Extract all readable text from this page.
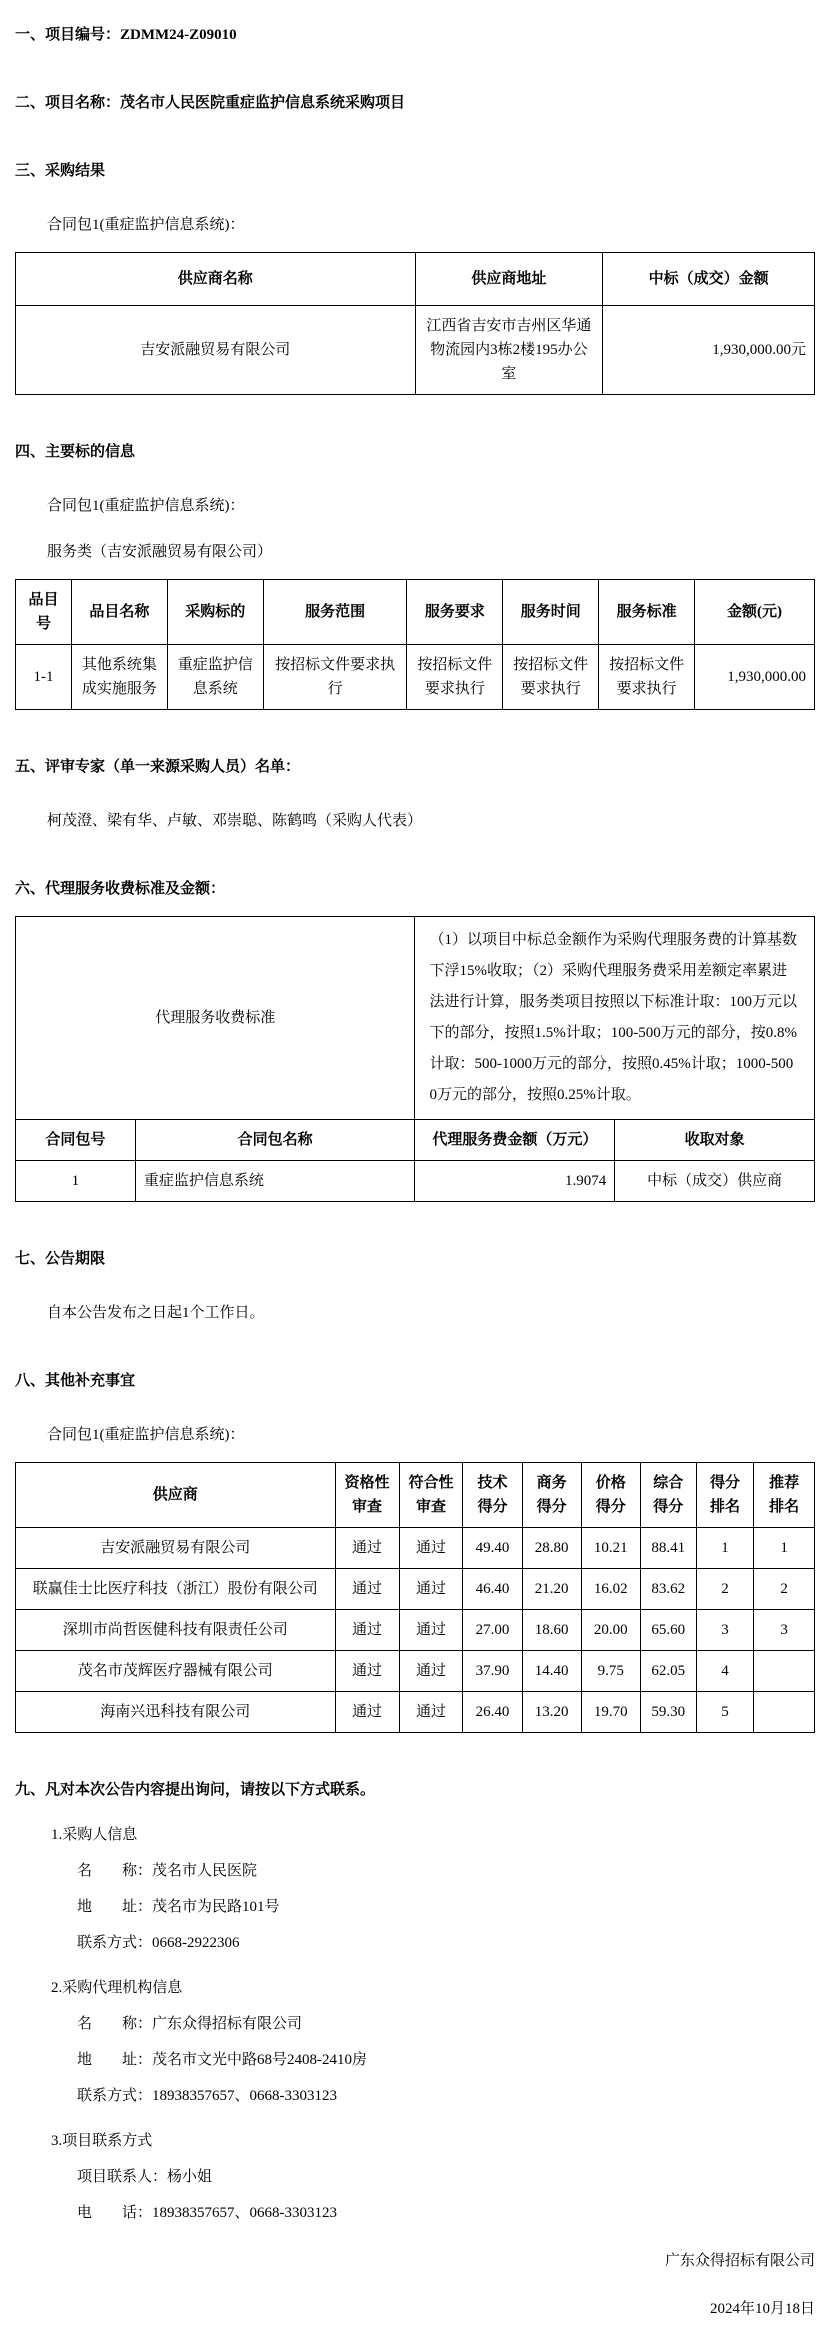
一、项目编号：ZDMM24-Z09010
二、项目名称：茂名市人民医院重症监护信息系统采购项目
三、采购结果
合同包1(重症监护信息系统)：
供应商名称	供应商地址	中标（成交）金额
吉安派融贸易有限公司	江西省吉安市吉州区华通物流园内3栋2楼195办公室	1,930,000.00元
四、主要标的信息
合同包1(重症监护信息系统)：
服务类（吉安派融贸易有限公司）
品目号	品目名称	采购标的	服务范围	服务要求	服务时间	服务标准	金额(元)
1-1	其他系统集成实施服务	重症监护信息系统	按招标文件要求执行	按招标文件要求执行	按招标文件要求执行	按招标文件要求执行	1,930,000.00
五、评审专家（单一来源采购人员）名单：
柯茂澄、梁有华、卢敏、邓崇聪、陈鹤鸣（采购人代表）
六、代理服务收费标准及金额：
代理服务收费标准		（1）以项目中标总金额作为采购代理服务费的计算基数下浮15%收取；（2）采购代理服务费采用差额定率累进法进行计算，服务类项目按照以下标准计取：100万元以下的部分，按照1.5%计取；100-500万元的部分，按0.8%计取：500-1000万元的部分，按照0.45%计取；1000-5000万元的部分，按照0.25%计取。	
合同包号	合同包名称	代理服务费金额（万元）	收取对象
1	重症监护信息系统	1.9074	中标（成交）供应商
七、公告期限
自本公告发布之日起1个工作日。
八、其他补充事宜
合同包1(重症监护信息系统)：
供应商	资格性审查	符合性审查	技术得分	商务得分	价格得分	综合得分	得分排名	推荐排名
吉安派融贸易有限公司	通过	通过	49.40	28.80	10.21	88.41	1	1
联赢佳士比医疗科技（浙江）股份有限公司	通过	通过	46.40	21.20	16.02	83.62	2	2
深圳市尚哲医健科技有限责任公司	通过	通过	27.00	18.60	20.00	65.60	3	3
茂名市茂辉医疗器械有限公司	通过	通过	37.90	14.40	9.75	62.05	4	
海南兴迅科技有限公司	通过	通过	26.40	13.20	19.70	59.30	5	
九、凡对本次公告内容提出询问，请按以下方式联系。
1.采购人信息
名　　称：茂名市人民医院
地　　址：茂名市为民路101号
联系方式：0668-2922306
2.采购代理机构信息
名　　称：广东众得招标有限公司
地　　址：茂名市文光中路68号2408-2410房
联系方式：18938357657、0668-3303123
3.项目联系方式
项目联系人：杨小姐
电　　话：18938357657、0668-3303123
广东众得招标有限公司
2024年10月18日
